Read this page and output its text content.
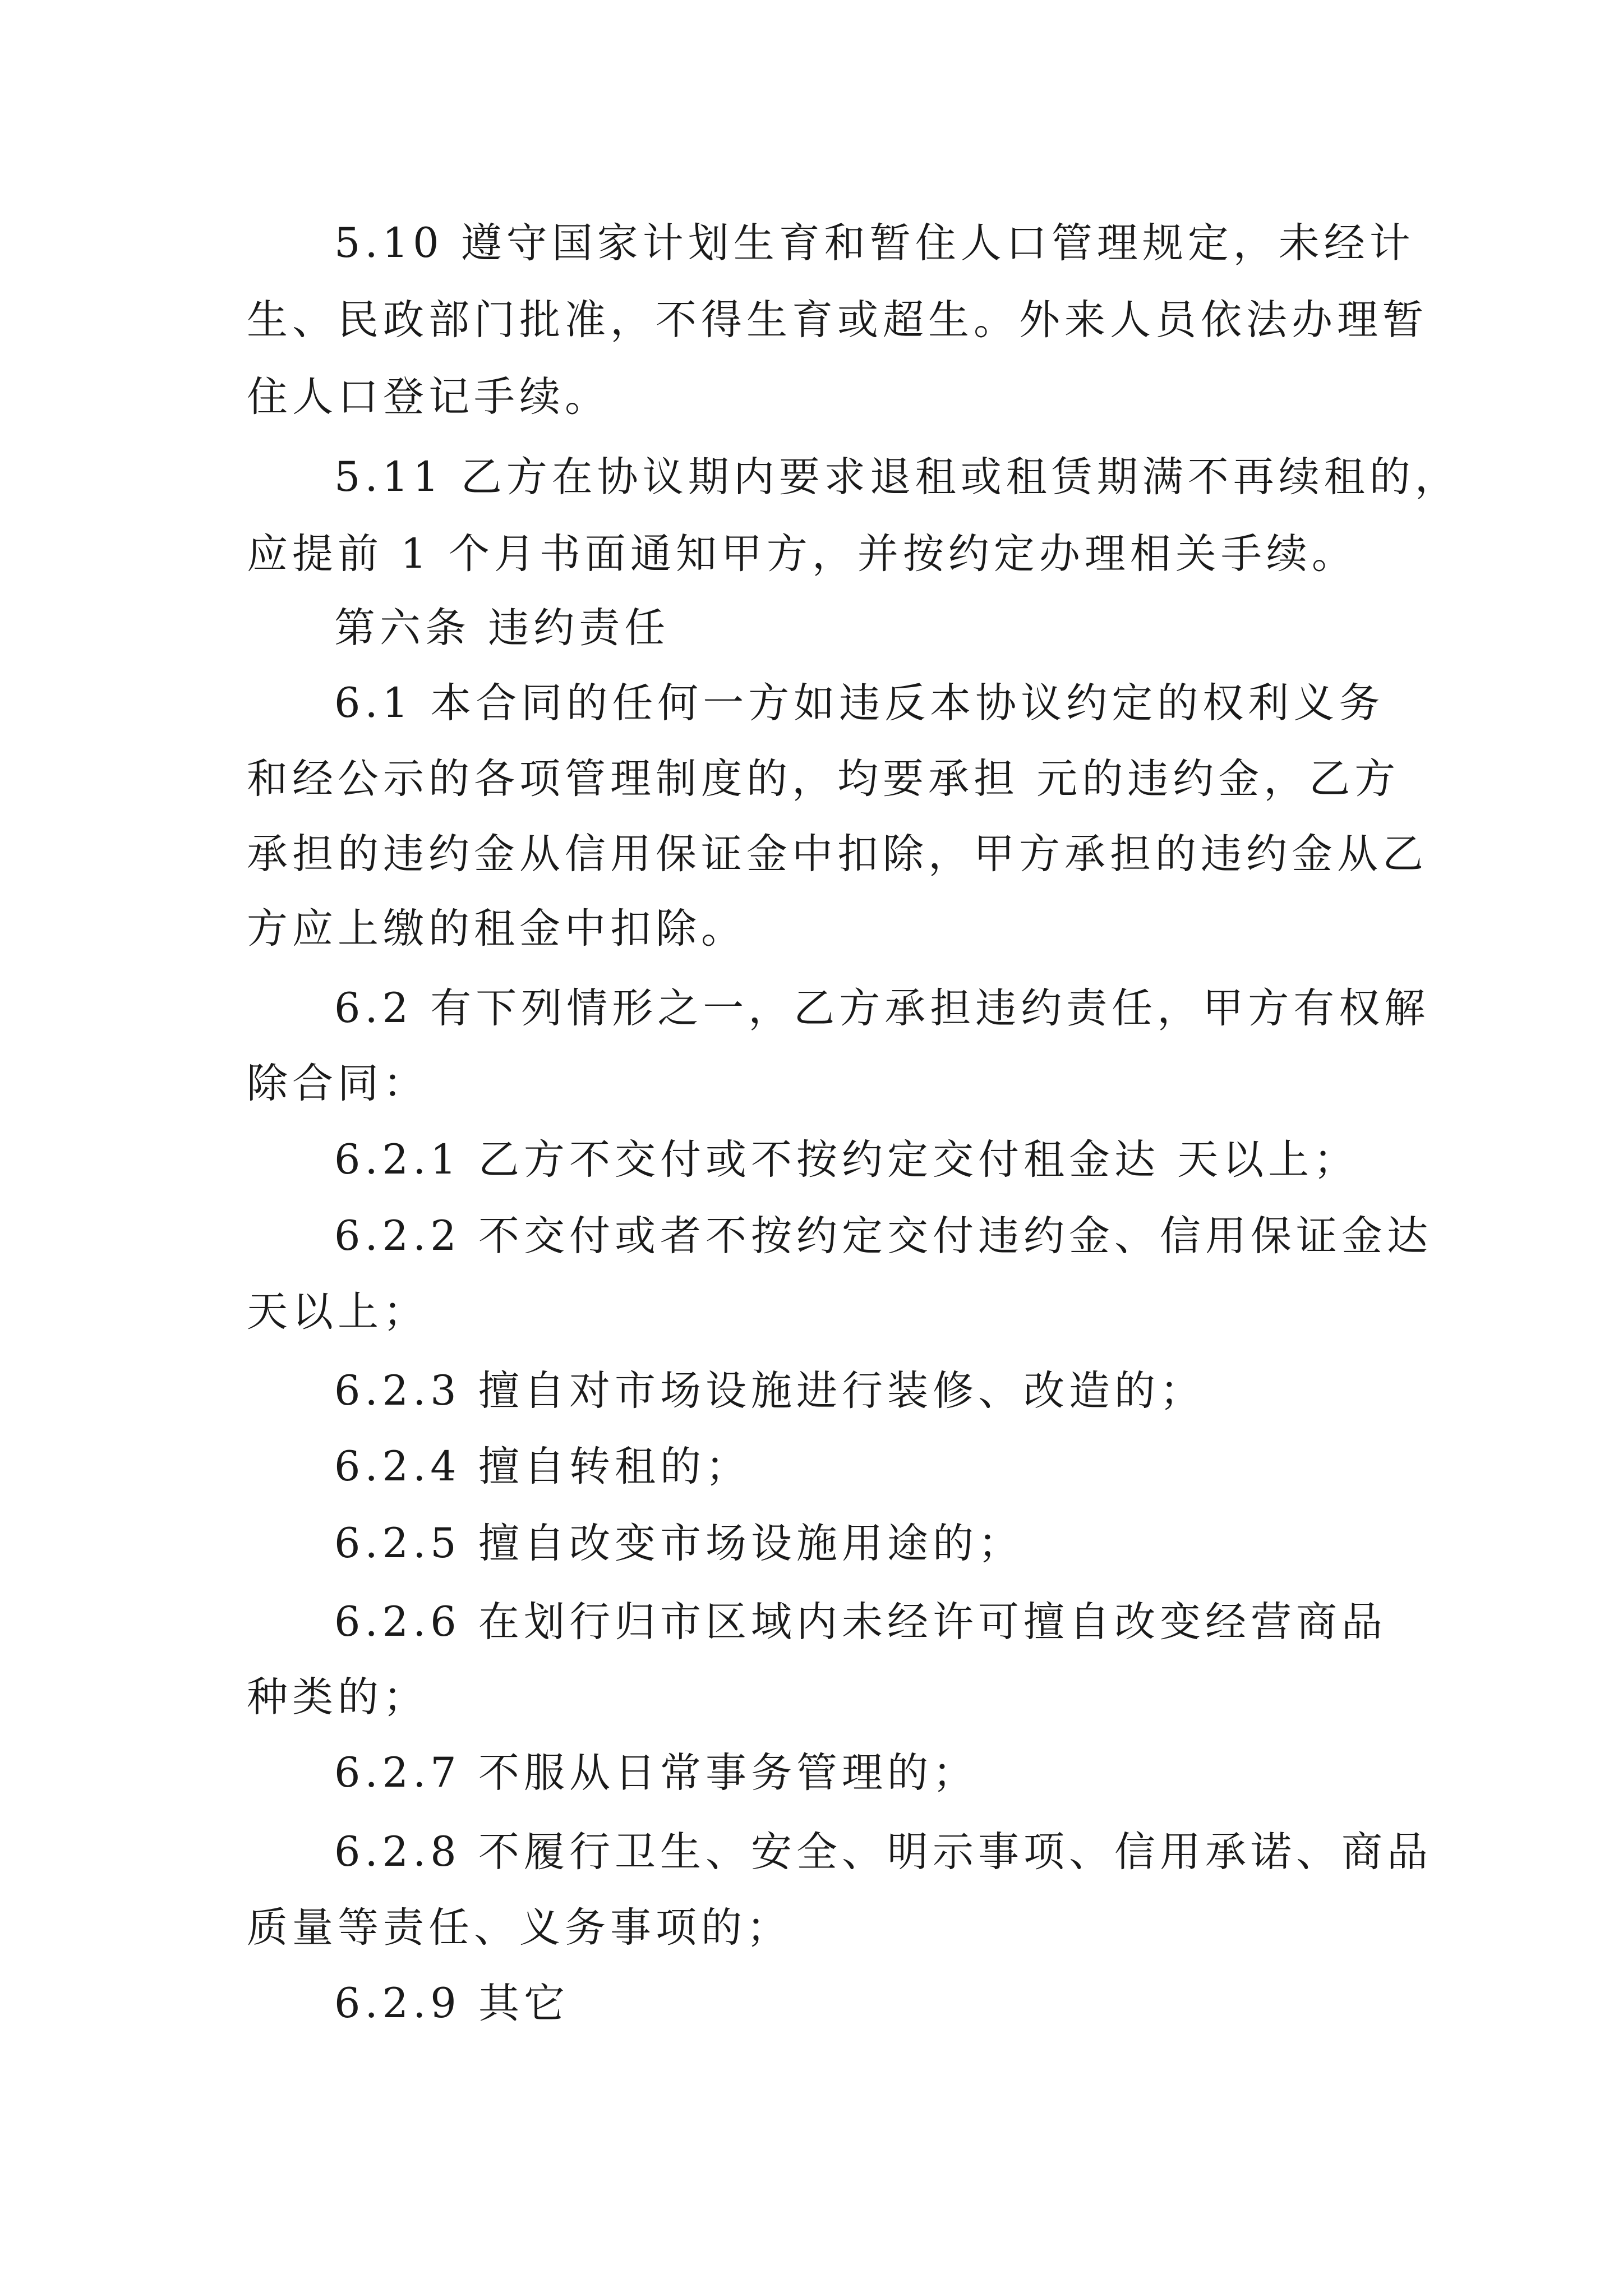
5.10 遵守国家计划生育和暂住人口管理规定，未经计
生、民政部门批准，不得生育或超生。外来人员依法办理暂
住人口登记手续。
5.11 乙方在协议期内要求退租或租赁期满不再续租的，
应提前 1 个月书面通知甲方，并按约定办理相关手续。
第六条 违约责任
6.1 本合同的任何一方如违反本协议约定的权利义务
和经公示的各项管理制度的，均要承担 元的违约金，乙方
承担的违约金从信用保证金中扣除，甲方承担的违约金从乙
方应上缴的租金中扣除。
6.2 有下列情形之一，乙方承担违约责任，甲方有权解
除合同：
6.2.1 乙方不交付或不按约定交付租金达 天以上；
6.2.2 不交付或者不按约定交付违约金、信用保证金达
天以上；
6.2.3 擅自对市场设施进行装修、改造的；
6.2.4 擅自转租的；
6.2.5 擅自改变市场设施用途的；
6.2.6 在划行归市区域内未经许可擅自改变经营商品
种类的；
6.2.7 不服从日常事务管理的；
6.2.8 不履行卫生、安全、明示事项、信用承诺、商品
质量等责任、义务事项的；
6.2.9 其它
